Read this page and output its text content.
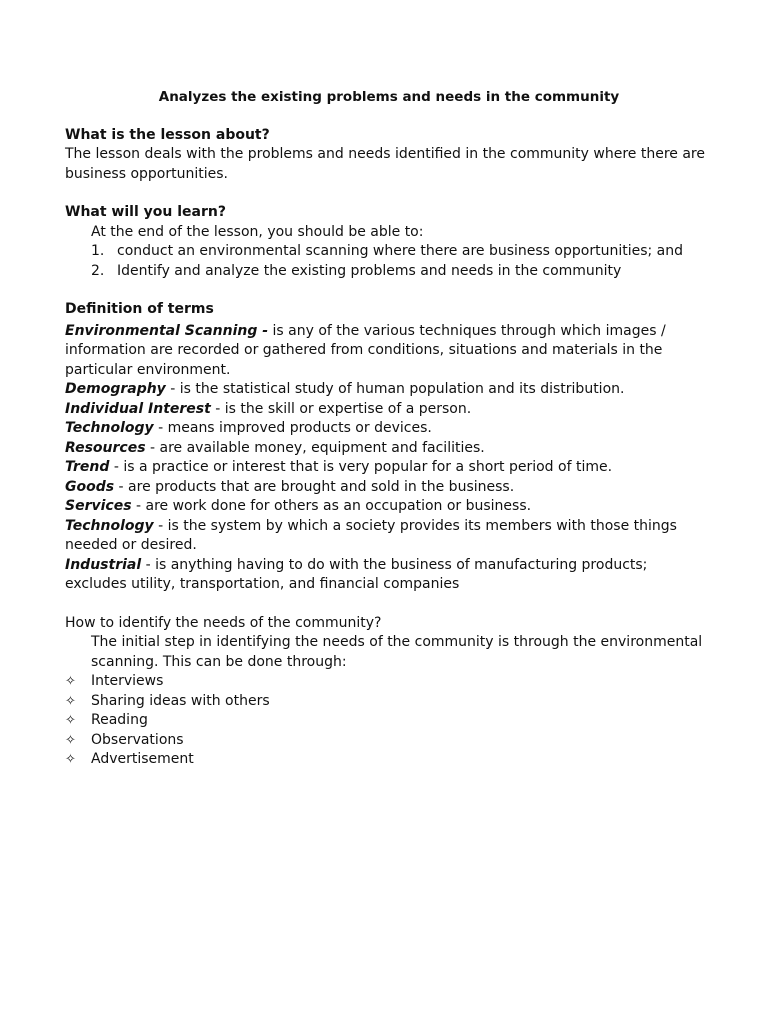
Analyzes the existing problems and needs in the community

What is the lesson about?

The lesson deals with the problems and needs identified in the community where there are business opportunities.

What will you learn?

At the end of the lesson, you should be able to:

1. conduct an environmental scanning where there are business opportunities; and
2. Identify and analyze the existing problems and needs in the community

Definition of terms

Environmental Scanning - is any of the various techniques through which images / information are recorded or gathered from conditions, situations and materials in the particular environment.

Demography - is the statistical study of human population and its distribution.

Individual Interest - is the skill or expertise of a person.

Technology - means improved products or devices.

Resources - are available money, equipment and facilities.

Trend - is a practice or interest that is very popular for a short period of time.

Goods - are products that are brought and sold in the business.

Services - are work done for others as an occupation or business.

Technology - is the system by which a society provides its members with those things needed or desired.

Industrial - is anything having to do with the business of manufacturing products; excludes utility, transportation, and financial companies

How to identify the needs of the community?

The initial step in identifying the needs of the community is through the environmental scanning. This can be done through:

✧	Interviews
✧	Sharing ideas with others
✧	Reading
✧	Observations
✧	Advertisement
